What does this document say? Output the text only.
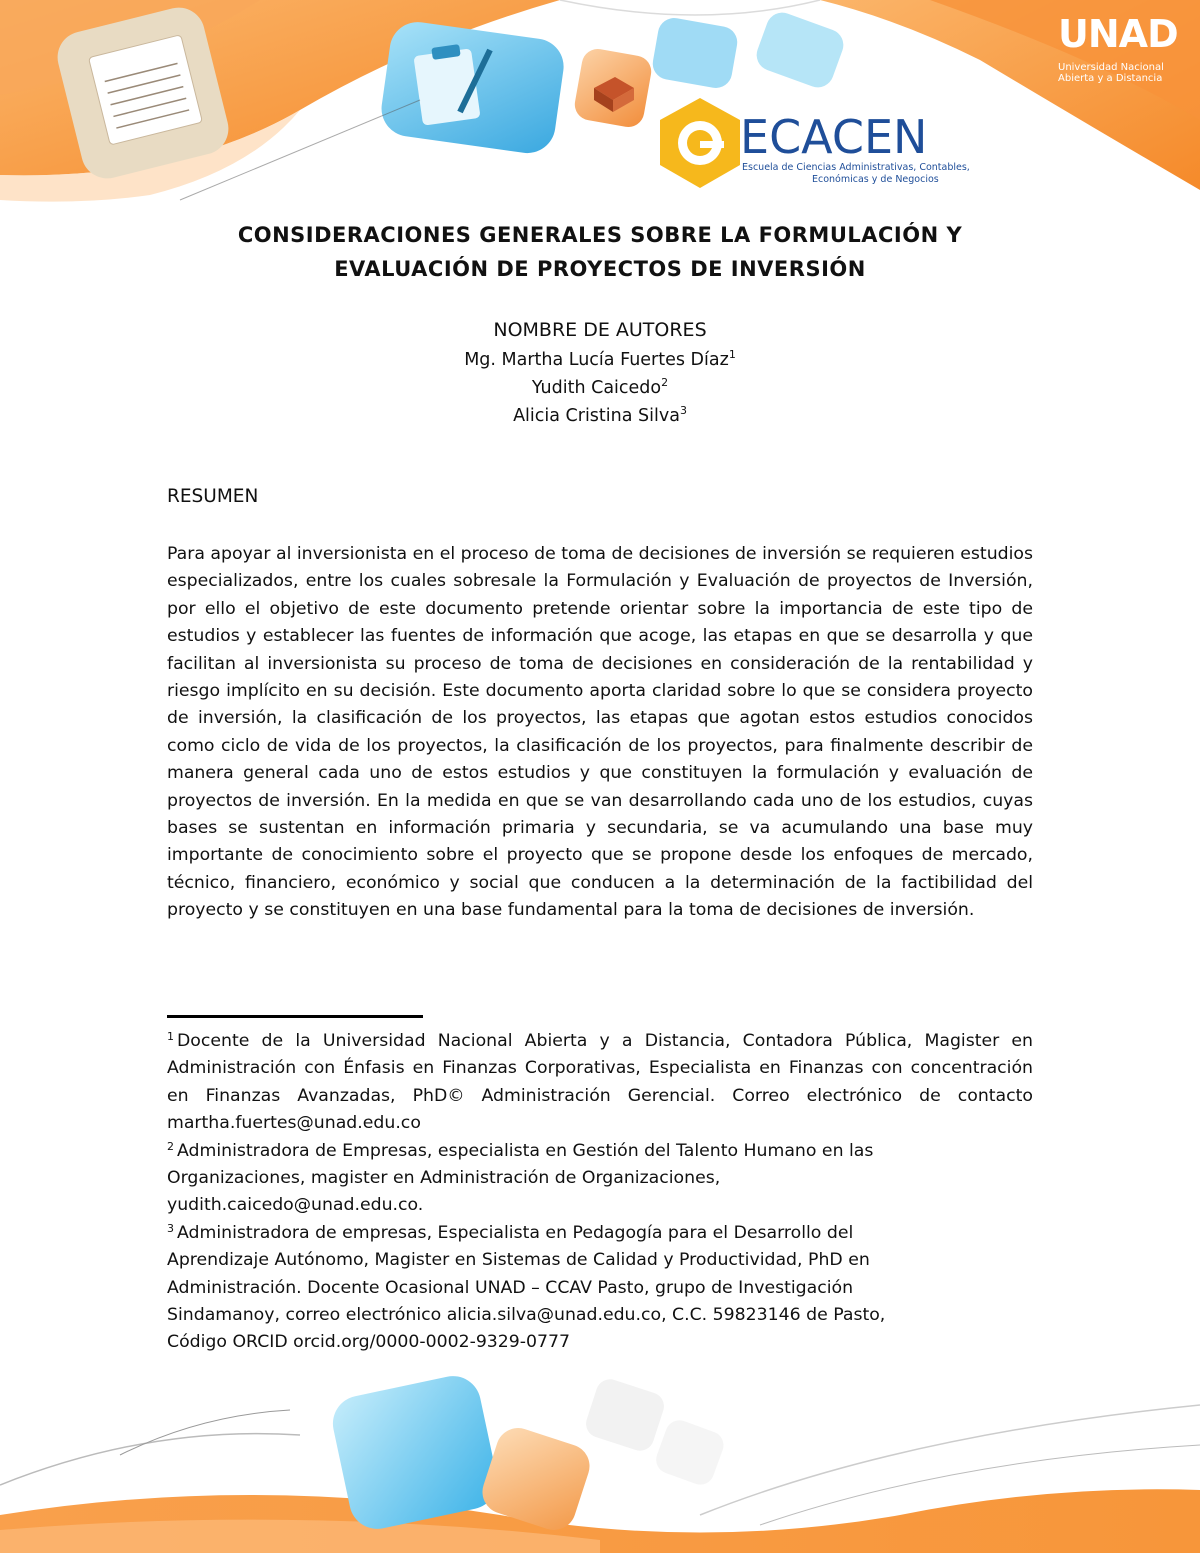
UNAD
Universidad Nacional
Abierta y a Distancia
ECACEN
Escuela de Ciencias Administrativas, Contables,
Económicas y de Negocios
CONSIDERACIONES GENERALES SOBRE LA FORMULACIÓN Y
EVALUACIÓN DE PROYECTOS DE INVERSIÓN
NOMBRE DE AUTORES
Mg. Martha Lucía Fuertes Díaz$^1$
Yudith Caicedo$^2$
Alicia Cristina Silva$^3$
RESUMEN
Para apoyar al inversionista en el proceso de toma de decisiones de inversión se requieren estudios especializados, entre los cuales sobresale la Formulación y Evaluación de proyectos de Inversión, por ello el objetivo de este documento pretende orientar sobre la importancia de este tipo de estudios y establecer las fuentes de información que acoge, las etapas en que se desarrolla y que facilitan al inversionista su proceso de toma de decisiones en consideración de la rentabilidad y riesgo implícito en su decisión. Este documento aporta claridad sobre lo que se considera proyecto de inversión, la clasificación de los proyectos, las etapas que agotan estos estudios conocidos como ciclo de vida de los proyectos, la clasificación de los proyectos, para finalmente describir de manera general cada uno de estos estudios y que constituyen la formulación y evaluación de proyectos de inversión. En la medida en que se van desarrollando cada uno de los estudios, cuyas bases se sustentan en información primaria y secundaria, se va acumulando una base muy importante de conocimiento sobre el proyecto que se propone desde los enfoques de mercado, técnico, financiero, económico y social que conducen a la determinación de la factibilidad del proyecto y se constituyen en una base fundamental para la toma de decisiones de inversión.

$^1$ Docente de la Universidad Nacional Abierta y a Distancia, Contadora Pública, Magister en Administración con Énfasis en Finanzas Corporativas, Especialista en Finanzas con concentración en Finanzas Avanzadas, PhD© Administración Gerencial. Correo electrónico de contacto martha.fuertes@unad.edu.co

$^2$ Administradora de Empresas, especialista en Gestión del Talento Humano en las
Organizaciones, magister en Administración de Organizaciones,
yudith.caicedo@unad.edu.co.

$^3$ Administradora de empresas, Especialista en Pedagogía para el Desarrollo del
Aprendizaje Autónomo, Magister en Sistemas de Calidad y Productividad, PhD en
Administración. Docente Ocasional UNAD – CCAV Pasto, grupo de Investigación
Sindamanoy, correo electrónico alicia.silva@unad.edu.co, C.C. 59823146 de Pasto,
Código ORCID orcid.org/0000-0002-9329-0777
